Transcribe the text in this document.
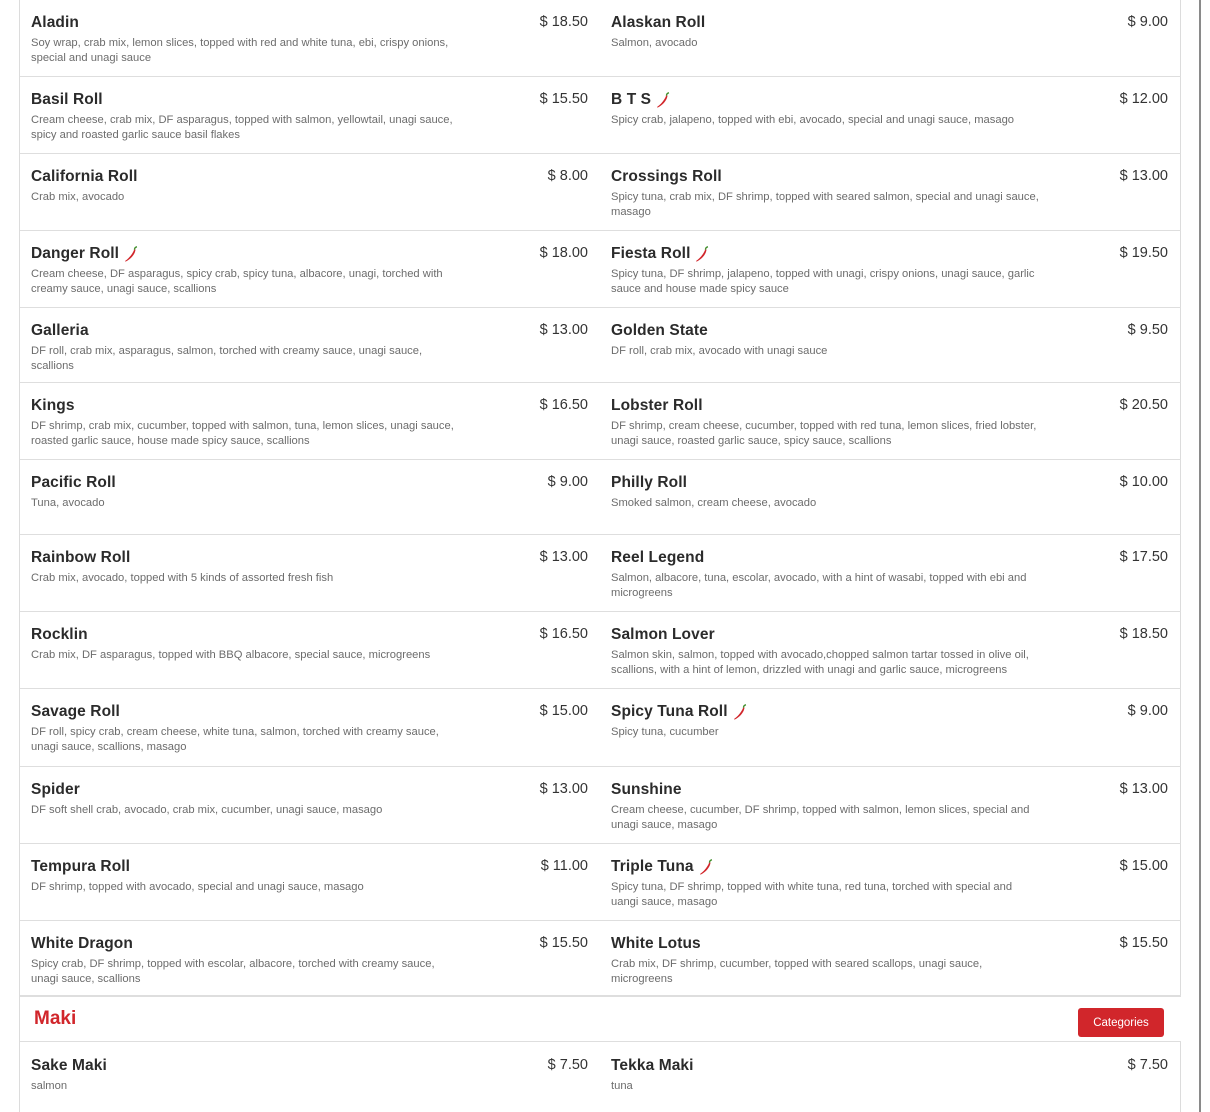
Aladin	$ 18.50
Soy wrap, crab mix, lemon slices, topped with red and white tuna, ebi, crispy onions, special and unagi sauce
Alaskan Roll	$ 9.00
Salmon, avocado
Basil Roll	$ 15.50
Cream cheese, crab mix, DF asparagus, topped with salmon, yellowtail, unagi sauce, spicy and roasted garlic sauce basil flakes
B T S	$ 12.00
Spicy crab, jalapeno, topped with ebi, avocado, special and unagi sauce, masago
California Roll	$ 8.00
Crab mix, avocado
Crossings Roll	$ 13.00
Spicy tuna, crab mix, DF shrimp, topped with seared salmon, special and unagi sauce, masago
Danger Roll	$ 18.00
Cream cheese, DF asparagus, spicy crab, spicy tuna, albacore, unagi, torched with creamy sauce, unagi sauce, scallions
Fiesta Roll	$ 19.50
Spicy tuna, DF shrimp, jalapeno, topped with unagi, crispy onions, unagi sauce, garlic sauce and house made spicy sauce
Galleria	$ 13.00
DF roll, crab mix, asparagus, salmon, torched with creamy sauce, unagi sauce, scallions
Golden State	$ 9.50
DF roll, crab mix, avocado with unagi sauce
Kings	$ 16.50
DF shrimp, crab mix, cucumber, topped with salmon, tuna, lemon slices, unagi sauce, roasted garlic sauce, house made spicy sauce, scallions
Lobster Roll	$ 20.50
DF shrimp, cream cheese, cucumber, topped with red tuna, lemon slices, fried lobster, unagi sauce, roasted garlic sauce, spicy sauce, scallions
Pacific Roll	$ 9.00
Tuna, avocado
Philly Roll	$ 10.00
Smoked salmon, cream cheese, avocado
Rainbow Roll	$ 13.00
Crab mix, avocado, topped with 5 kinds of assorted fresh fish
Reel Legend	$ 17.50
Salmon, albacore, tuna, escolar, avocado, with a hint of wasabi, topped with ebi and microgreens
Rocklin	$ 16.50
Crab mix, DF asparagus, topped with BBQ albacore, special sauce, microgreens
Salmon Lover	$ 18.50
Salmon skin, salmon, topped with avocado,chopped salmon tartar tossed in olive oil, scallions, with a hint of lemon, drizzled with unagi and garlic sauce, microgreens
Savage Roll	$ 15.00
DF roll, spicy crab, cream cheese, white tuna, salmon, torched with creamy sauce, unagi sauce, scallions, masago
Spicy Tuna Roll	$ 9.00
Spicy tuna, cucumber
Spider	$ 13.00
DF soft shell crab, avocado, crab mix, cucumber, unagi sauce, masago
Sunshine	$ 13.00
Cream cheese, cucumber, DF shrimp, topped with salmon, lemon slices, special and unagi sauce, masago
Tempura Roll	$ 11.00
DF shrimp, topped with avocado, special and unagi sauce, masago
Triple Tuna	$ 15.00
Spicy tuna, DF shrimp, topped with white tuna, red tuna, torched with special and uangi sauce, masago
White Dragon	$ 15.50
Spicy crab, DF shrimp, topped with escolar, albacore, torched with creamy sauce, unagi sauce, scallions
White Lotus	$ 15.50
Crab mix, DF shrimp, cucumber, topped with seared scallops, unagi sauce, microgreens
Maki	Categories
Sake Maki	$ 7.50
salmon
Tekka Maki	$ 7.50
tuna
